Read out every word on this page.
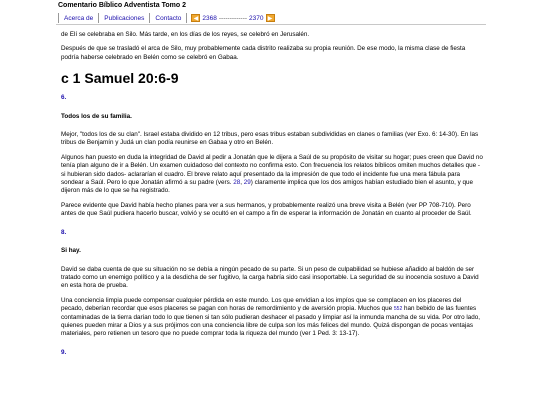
Comentario Bíblico Adventista Tomo 2
Acerca de	Publicaciones	Contacto	◀ 2368 ------------- 2370 ▶

de Elí se celebraba en Silo. Más tarde, en los días de los reyes, se celebró en Jerusalén.

Después de que se trasladó el arca de Silo, muy probablemente cada distrito realizaba su propia reunión. De ese modo, la misma clase de fiesta podría haberse celebrado en Belén como se celebró en Gabaa.

c 1 Samuel 20:6-9
6.
Todos los de su familia.

Mejor, "todos los de su clan". Israel estaba dividido en 12 tribus, pero esas tribus estaban subdivididas en clanes o familias (ver Exo. 6: 14-30). En las tribus de Benjamín y Judá un clan podía reunirse en Gabaa y otro en Belén.

Algunos han puesto en duda la integridad de David al pedir a Jonatán que le dijera a Saúl de su propósito de visitar su hogar; pues creen que David no tenía plan alguno de ir a Belén. Un examen cuidadoso del contexto no confirma esto. Con frecuencia los relatos bíblicos omiten muchos detalles que -si hubieran sido dados- aclararían el cuadro. El breve relato aquí presentado da la impresión de que todo el incidente fue una mera fábula para sondear a Saúl. Pero lo que Jonatán afirmó a su padre (vers. 28, 29) claramente implica que los dos amigos habían estudiado bien el asunto, y que dijeron más de lo que se ha registrado.

Parece evidente que David había hecho planes para ver a sus hermanos, y probablemente realizó una breve visita a Belén (ver PP 708-710). Pero antes de que Saúl pudiera hacerlo buscar, volvió y se ocultó en el campo a fin de esperar la información de Jonatán en cuanto al proceder de Saúl.

8.
Si hay.

David se daba cuenta de que su situación no se debía a ningún pecado de su parte. Si un peso de culpabilidad se hubiese añadido al baldón de ser tratado como un enemigo político y a la desdicha de ser fugitivo, la carga habría sido casi insoportable. La seguridad de su inocencia sostuvo a David en esta hora de prueba.

Una conciencia limpia puede compensar cualquier pérdida en este mundo. Los que envidian a los impíos que se complacen en los placeres del pecado, deberían recordar que esos placeres se pagan con horas de remordimiento y de aversión propia. Muchos que 552 han bebido de las fuentes contaminadas de la tierra darían todo lo que tienen si tan sólo pudieran deshacer el pasado y limpiar así la inmunda mancha de su vida. Por otro lado, quienes pueden mirar a Dios y a sus prójimos con una conciencia libre de culpa son los más felices del mundo. Quizá dispongan de pocas ventajas materiales, pero retienen un tesoro que no puede comprar toda la riqueza del mundo (ver 1 Ped. 3: 13-17).

9.
